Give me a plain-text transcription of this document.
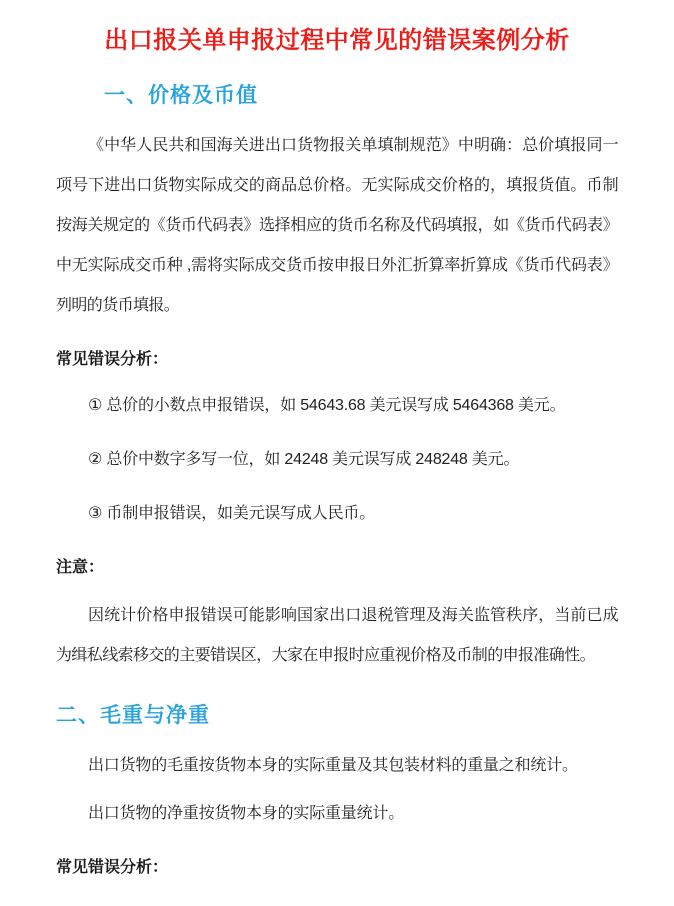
出口报关单申报过程中常见的错误案例分析
一、价格及币值
《中华人民共和国海关进出口货物报关单填制规范》中明确：总价填报同一
项号下进出口货物实际成交的商品总价格。无实际成交价格的，填报货值。币制
按海关规定的《货币代码表》选择相应的货币名称及代码填报，如《货币代码表》
中无实际成交币种 ,需将实际成交货币按申报日外汇折算率折算成《货币代码表》
列明的货币填报。
常见错误分析：
① 总价的小数点申报错误，如 54643.68 美元误写成 5464368 美元。
② 总价中数字多写一位，如 24248 美元误写成 248248 美元。
③ 币制申报错误，如美元误写成人民币。
注意：
因统计价格申报错误可能影响国家出口退税管理及海关监管秩序，当前已成
为缉私线索移交的主要错误区，大家在申报时应重视价格及币制的申报准确性。
二、毛重与净重
出口货物的毛重按货物本身的实际重量及其包装材料的重量之和统计。
出口货物的净重按货物本身的实际重量统计。
常见错误分析：
